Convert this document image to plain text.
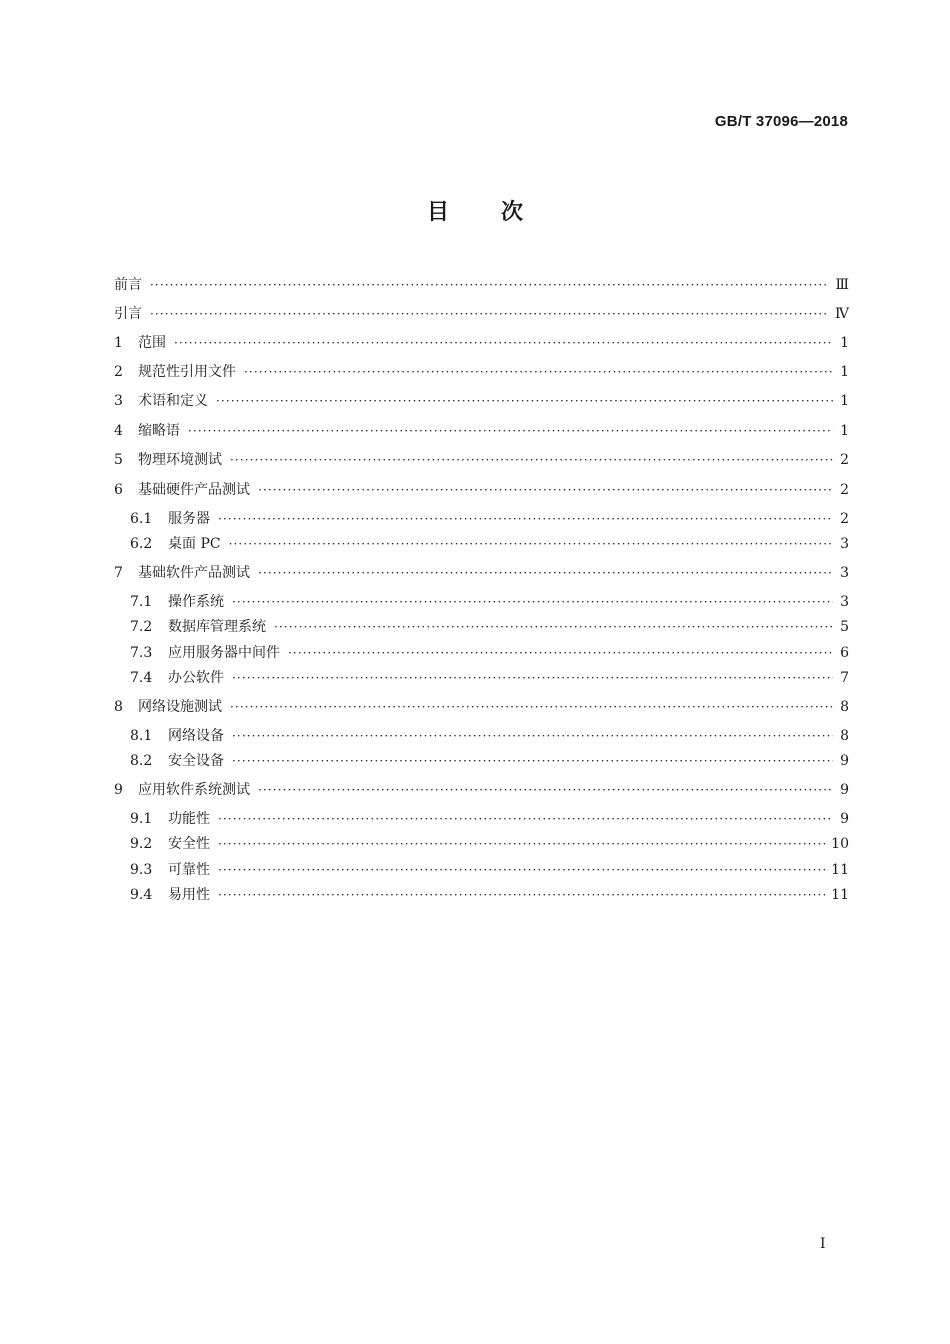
GB/T 37096—2018
目 次
前言 ·····	Ⅲ
引言 ·····	Ⅳ
1	范围 ·····	1
2	规范性引用文件 ·····	1
3	术语和定义 ·····	1
4	缩略语 ·····	1
5	物理环境测试 ·····	2
6	基础硬件产品测试 ·····	2
6.1	服务器 ·····	2
6.2	桌面 PC ·····	3
7	基础软件产品测试 ·····	3
7.1	操作系统 ·····	3
7.2	数据库管理系统 ·····	5
7.3	应用服务器中间件 ·····	6
7.4	办公软件 ·····	7
8	网络设施测试 ·····	8
8.1	网络设备 ·····	8
8.2	安全设备 ·····	9
9	应用软件系统测试 ·····	9
9.1	功能性 ·····	9
9.2	安全性 ·····	10
9.3	可靠性 ·····	11
9.4	易用性 ·····	11
I
